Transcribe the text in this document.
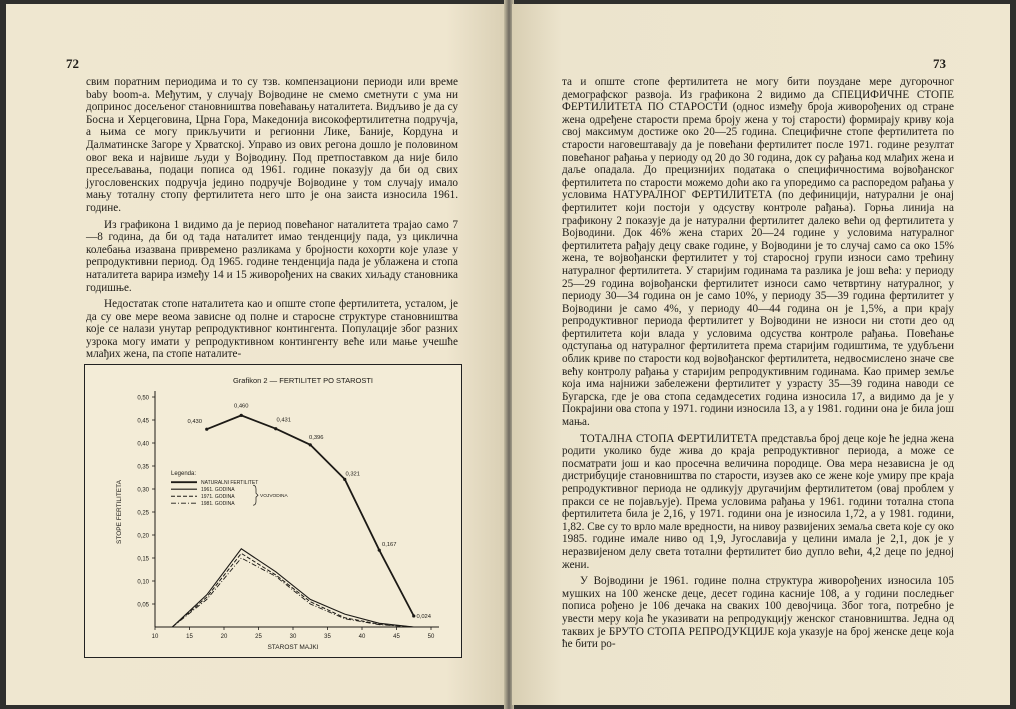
72

свим поратним периодима и то су тзв. компензациони периоди или време baby boom-а. Међутим, у случају Војводине не смемо сметнути с ума ни допринос досељеног становништва повећавању наталитета. Видљиво је да су Босна и Херцеговина, Црна Гора, Македонија високофертилитетна подручја, а њима се могу прикључити и регионни Лике, Баније, Кордуна и Далматинске Загоре у Хрватској. Управо из ових регона дошло је половином овог века и највише људи у Војводину. Под претпоставком да није било пресељавања, подаци пописа од 1961. године показују да би од свих југословенских подручја једино подручје Војводине у том случају имало мању тоталну стопу фертилитета него што је она заиста износила 1961. године.

Из графикона 1 видимо да је период повећаног наталитета трајао само 7—8 година, да би од тада наталитет имао тенденцију пада, уз циклична колебања изазвана привременo разликама у бројности кохорти које улазе у репродуктивни период. Од 1965. године тенденција пада је ублажена и стопа наталитета варира између 14 и 15 живорођених на сваких хиљаду становника годишње.

Недостатак стопе наталитета као и опште стопе фертилитета, усталом, је да су ове мере веома зависне од полне и старосне структуре становништва које се налази унутар репродуктивног контингента. Популације због разних узрока могу имати у репродуктивном контингенту веће или мање учешће млађих жена, па стопе наталите-

Grafikon 2 — FERTILITET PO STAROSTI
0,50
0,45
0,40
0,35
0,30
0,25
0,20
0,15
0,10
0,05
10	15	20	25	30	35	40	45	50
STAROST MAJKI
STOPE FERTILITETA
0,430
0,460
0,431
0,396
0,321
0,167
0,024
Legenda:
NATURALNI FERTILITET
1961. GODINA
1971. GODINA
1981. GODINA
VOJVODINA
73

та и опште стопе фертилитета не могу бити поуздане мере дугорочног демографског развоја. Из графикона 2 видимо да СПЕЦИФИЧНЕ СТОПЕ ФЕРТИЛИТЕТА ПО СТАРОСТИ (однос између броја живорођених од стране жена одређене старости према броју жена у тој старости) формирају криву која свој максимум достиже око 20—25 година. Специфичне стопе фертилитета по старости наговештавају да је повећани фертилитет после 1971. године резултат повећаног рађања у периоду од 20 до 30 година, док су рађања код млађих жена и даље опадала. До прецизнијих података о специфичностима војвођанског фертилитета по старости можемо доћи ако га упоредимо са распоредом рађања у условима НАТУРАЛНОГ ФЕРТИЛИТЕТА (по дефиницији, натурални је онај фертилитет који постоји у одсуству контроле рађања). Горња линија на графикону 2 показује да је натурални фертилитет далеко већи од фертилитета у Војводини. Док 46% жена старих 20—24 године у условима натуралног фертилитета рађају децу сваке године, у Војводини је то случај само са око 15% жена, те војвођански фертилитет у тој старосној групи износи само трећину натуралног фертилитета. У старијим годинама та разлика је још већа: у периоду 25—29 година војвођански фертилитет износи само четвртину натуралног, у периоду 30—34 година он је само 10%, у периоду 35—39 година фертилитет у Војводини је само 4%, у периоду 40—44 година он је 1,5%, а при крају репродуктивног периода фертилитет у Војводини не износи ни стоти део од фертилитета који влада у условима одсуства контроле рађања. Повећање одступања од натуралног фертилитета према старијим годиштима, те удубљени облик криве по старости код војвођанског фертилитета, недвосмислено значе све већу контролу рађања у старијим репродуктивним годинама. Као пример земље која има најнижи забележени фертилитет у узрасту 35—39 година наводи се Бугарска, где је ова стопа седамдесетих година износила 17, а видимо да је у Покрајини ова стопа у 1971. години износила 13, а у 1981. години она је била још мања.

ТОТАЛНА СТОПА ФЕРТИЛИТЕТА представља број деце које ће једна жена родити уколико буде жива до краја репродуктивног периода, а може се посматрати још и као просечна величина породице. Ова мера независна је од дистрибуције становништва по старости, изузев ако се жене које умиру пре краја репродуктивног периода не одликују другачијим фертилитетом (овај проблем у пракси се не појављује). Према условима рађања у 1961. години тотална стопа фертилитета била је 2,16, у 1971. години она је износила 1,72, а у 1981. години, 1,82. Све су то врло мале вредности, на нивоу развијених земаља света које су око 1985. године имале ниво од 1,9, Југославија у целини имала је 2,1, док је у неразвијеном делу света тотални фертилитет био дупло већи, 4,2 деце по једној жени.

У Војводини је 1961. године полна структура живорођених износила 105 мушких на 100 женске деце, десет година касније 108, а у години последњег пописа рођено је 106 дечака на сваких 100 девојчица. Због тога, потребно је увести меру која ће указивати на репродукцију женског становништва. Једна од таквих је БРУТО СТОПА РЕПРОДУКЦИЈЕ која указује на број женске деце која ће бити ро-
